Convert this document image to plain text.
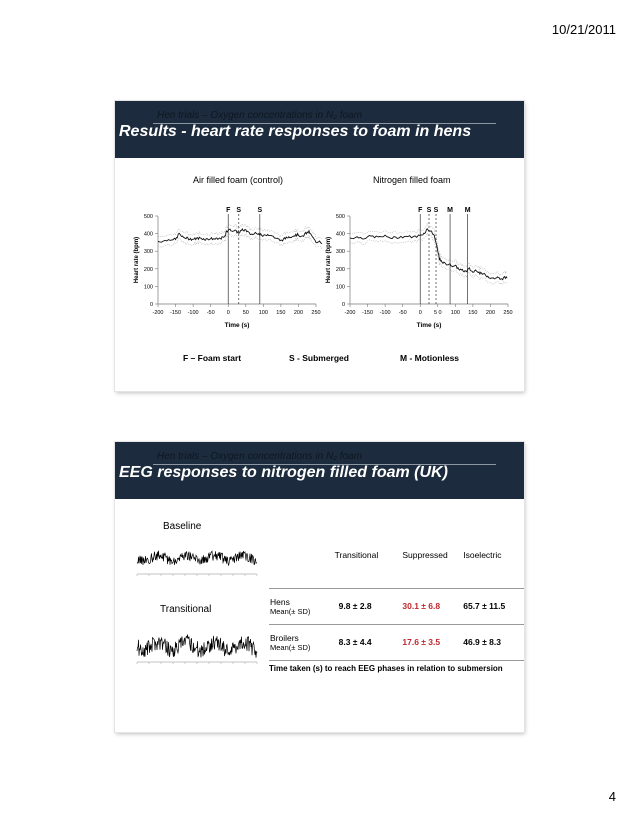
10/21/2011
Hen trials – Oxygen concentrations in N₂ foam
Results - heart rate responses to foam in hens
Air filled foam (control)	Nitrogen filled foam
0
100
200
300
400
500
-200 -150 -100 -50 0 50 100 150 200 250
Time (s)
Heart rate (bpm)
F S S
0
100
200
300
400
500
-200 -150 -100 -50 0 5 0 100 150 200 250
Time (s)
Heart rate (bpm)
F S S M M
F – Foam start	S - Submerged	M - Motionless
Hen trials – Oxygen concentrations in N₂ foam
EEG responses to nitrogen filled foam (UK)
Baseline
Transitional
	Transitional	Suppressed	Isoelectric

Hens
Mean(± SD)	9.8 ± 2.8	30.1 ± 6.8	65.7 ± 11.5

Broilers
Mean(± SD)	8.3 ± 4.4	17.6 ± 3.5	46.9 ± 8.3
Time taken (s) to reach EEG phases in relation to submersion
4
